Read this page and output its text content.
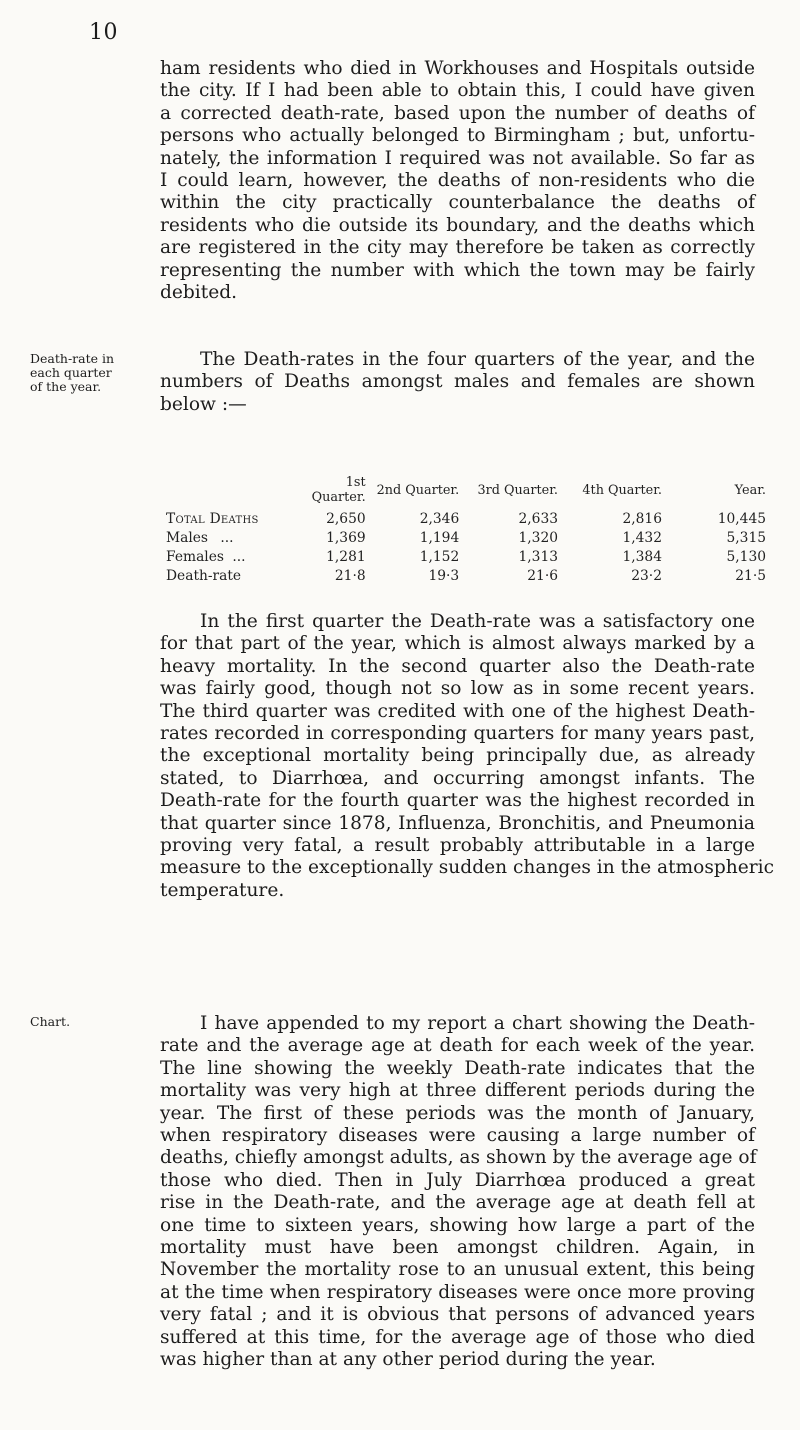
10

ham residents who died in Workhouses and Hospitals outside
the city. If I had been able to obtain this, I could have given
a corrected death-rate, based upon the number of deaths of
persons who actually belonged to Birmingham ; but, unfortu-
nately, the information I required was not available. So far as
I could learn, however, the deaths of non-residents who die
within the city practically counterbalance the deaths of
residents who die outside its boundary, and the deaths which
are registered in the city may therefore be taken as correctly
representing the number with which the town may be fairly
debited.

Death-rate in
each quarter
of the year.

The Death-rates in the four quarters of the year, and the
numbers of Deaths amongst males and females are shown
below :—

	1st Quarter.	2nd Quarter.	3rd Quarter.	4th Quarter.	Year.
Total Deaths	2,650	2,346	2,633	2,816	10,445
Males ...	1,369	1,194	1,320	1,432	5,315
Females ...	1,281	1,152	1,313	1,384	5,130
Death-rate	21·8	19·3	21·6	23·2	21·5

In the first quarter the Death-rate was a satisfactory one
for that part of the year, which is almost always marked by a
heavy mortality. In the second quarter also the Death-rate
was fairly good, though not so low as in some recent years.
The third quarter was credited with one of the highest Death-
rates recorded in corresponding quarters for many years past,
the exceptional mortality being principally due, as already
stated, to Diarrhœa, and occurring amongst infants. The
Death-rate for the fourth quarter was the highest recorded in
that quarter since 1878, Influenza, Bronchitis, and Pneumonia
proving very fatal, a result probably attributable in a large
measure to the exceptionally sudden changes in the atmospheric
temperature.

Chart.	I have appended to my report a chart showing the Death-
rate and the average age at death for each week of the year.
The line showing the weekly Death-rate indicates that the
mortality was very high at three different periods during the
year. The first of these periods was the month of January,
when respiratory diseases were causing a large number of
deaths, chiefly amongst adults, as shown by the average age of
those who died. Then in July Diarrhœa produced a great
rise in the Death-rate, and the average age at death fell at
one time to sixteen years, showing how large a part of the
mortality must have been amongst children. Again, in
November the mortality rose to an unusual extent, this being
at the time when respiratory diseases were once more proving
very fatal ; and it is obvious that persons of advanced years
suffered at this time, for the average age of those who died
was higher than at any other period during the year.
